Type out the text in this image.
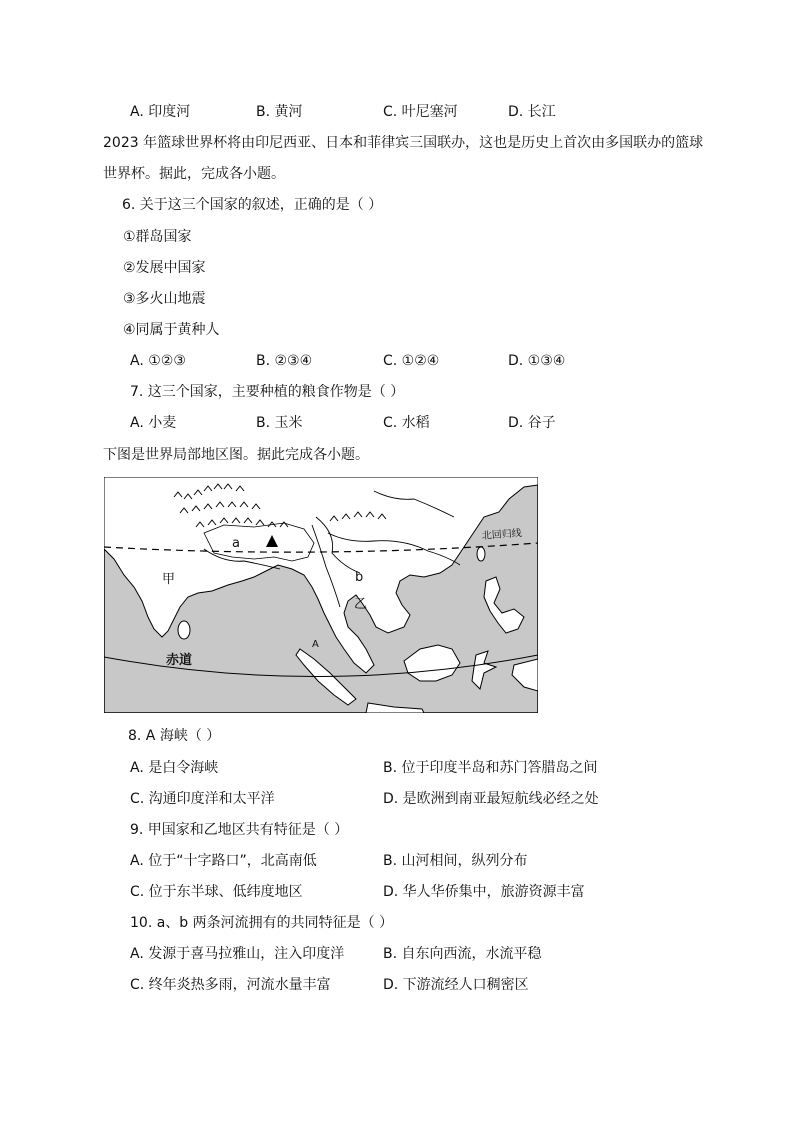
A. 印度河	B. 黄河	C. 叶尼塞河	D. 长江
2023 年篮球世界杯将由印尼西亚、日本和菲律宾三国联办，这也是历史上首次由多国联办的篮球
世界杯。据此，完成各小题。
6. 关于这三个国家的叙述，正确的是（ ）
①群岛国家
②发展中国家
③多火山地震
④同属于黄种人
A. ①②③	B. ②③④	C. ①②④	D. ①③④
7. 这三个国家，主要种植的粮食作物是（ ）
A. 小麦	B. 玉米	C. 水稻	D. 谷子
下图是世界局部地区图。据此完成各小题。
北回归线
赤道
甲
乙
a
b
A
8. A 海峡（ ）
A. 是白令海峡	B. 位于印度半岛和苏门答腊岛之间
C. 沟通印度洋和太平洋	D. 是欧洲到南亚最短航线必经之处
9. 甲国家和乙地区共有特征是（ ）
A. 位于“十字路口”，北高南低	B. 山河相间，纵列分布
C. 位于东半球、低纬度地区	D. 华人华侨集中，旅游资源丰富
10. a、b 两条河流拥有的共同特征是（ ）
A. 发源于喜马拉雅山，注入印度洋	B. 自东向西流，水流平稳
C. 终年炎热多雨，河流水量丰富	D. 下游流经人口稠密区
